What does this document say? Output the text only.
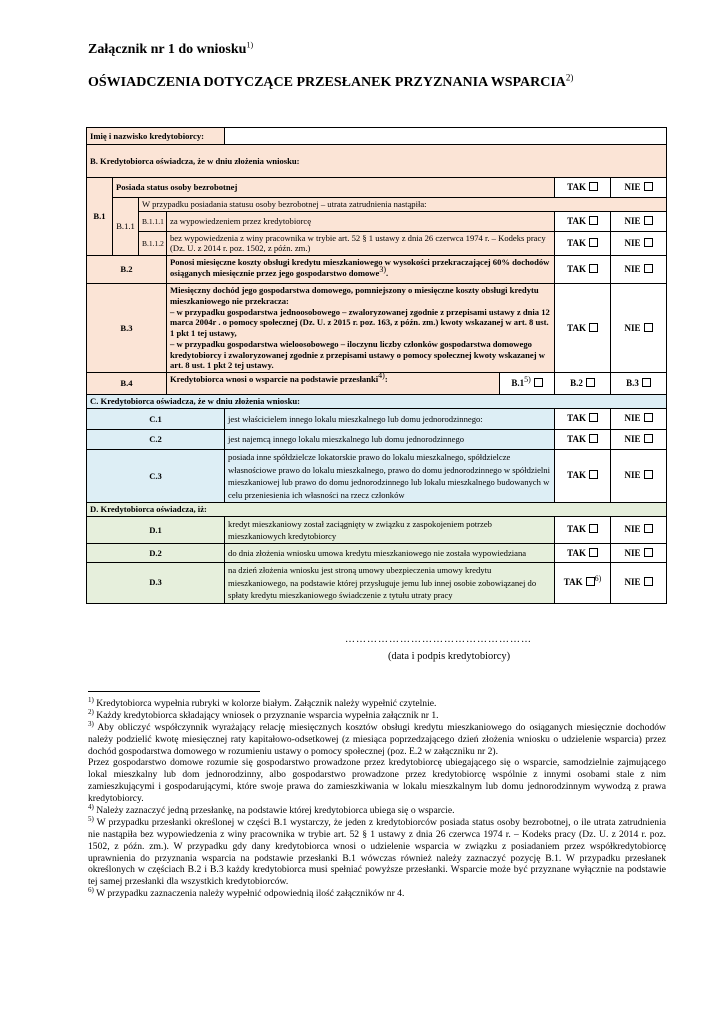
Załącznik nr 1 do wniosku$^{1)}$
OŚWIADCZENIA DOTYCZĄCE PRZESŁANEK PRZYZNANIA WSPARCIA$^{2)}$
Imię i nazwisko kredytobiorcy:							
B. Kredytobiorca oświadcza, że w dniu złożenia wniosku:							
B.1	Posiada status osoby bezrobotnej					TAK	NIE
	B.1.1	W przypadku posiadania statusu osoby bezrobotnej – utrata zatrudnienia nastąpiła:					
		B.1.1.1	za wypowiedzeniem przez kredytobiorcę			TAK	NIE
		B.1.1.2	bez wypowiedzenia z winy pracownika w trybie art. 52 § 1 ustawy z dnia 26 czerwca 1974 r. – Kodeks pracy (Dz. U. z 2014 r. poz. 1502, z późn. zm.)			TAK	NIE
B.2			Ponosi miesięczne koszty obsługi kredytu mieszkaniowego w wysokości przekraczającej 60% dochodów osiąganych miesięcznie przez jego gospodarstwo domowe$^{3)}$.			TAK	NIE
B.3			Miesięczny dochód jego gospodarstwa domowego, pomniejszony o miesięczne koszty obsługi kredytu mieszkaniowego nie przekracza:
– w przypadku gospodarstwa jednoosobowego – zwaloryzowanej zgodnie z przepisami ustawy z dnia 12 marca 2004r . o pomocy społecznej (Dz. U. z 2015 r. poz. 163, z późn. zm.) kwoty wskazanej w art. 8 ust. 1 pkt 1 tej ustawy,
– w przypadku gospodarstwa wieloosobowego – iloczynu liczby członków gospodarstwa domowego kredytobiorcy i zwaloryzowanej zgodnie z przepisami ustawy o pomocy społecznej kwoty wskazanej w art. 8 ust. 1 pkt 2 tej ustawy.			TAK	NIE
B.4			Kredytobiorca wnosi o wsparcie na podstawie przesłanki$^{4)}$:		B.1$^{5)}$	B.2	B.3
C. Kredytobiorca oświadcza, że w dniu złożenia wniosku:							
C.1				jest właścicielem innego lokalu mieszkalnego lub domu jednorodzinnego:		TAK	NIE
C.2				jest najemcą innego lokalu mieszkalnego lub domu jednorodzinnego		TAK	NIE
C.3				posiada inne spółdzielcze lokatorskie prawo do lokalu mieszkalnego, spółdzielcze własnościowe prawo do lokalu mieszkalnego, prawo do domu jednorodzinnego w spółdzielni mieszkaniowej lub prawo do domu jednorodzinnego lub lokalu mieszkalnego budowanych w celu przeniesienia ich własności na rzecz członków		TAK	NIE
D. Kredytobiorca oświadcza, iż:							
D.1				kredyt mieszkaniowy został zaciągnięty w związku z zaspokojeniem potrzeb mieszkaniowych kredytobiorcy		TAK	NIE
D.2				do dnia złożenia wniosku umowa kredytu mieszkaniowego nie została wypowiedziana		TAK	NIE
D.3				na dzień złożenia wniosku jest stroną umowy ubezpieczenia umowy kredytu mieszkaniowego, na podstawie której przysługuje jemu lub innej osobie zobowiązanej do spłaty kredytu mieszkaniowego świadczenie z tytułu utraty pracy		TAK $^{6)}$	NIE
……………………………………………
(data i podpis kredytobiorcy)

$^{1)}$ Kredytobiorca wypełnia rubryki w kolorze białym. Załącznik należy wypełnić czytelnie.

$^{2)}$ Każdy kredytobiorca składający wniosek o przyznanie wsparcia wypełnia załącznik nr 1.

$^{3)}$ Aby obliczyć współczynnik wyrażający relację miesięcznych kosztów obsługi kredytu mieszkaniowego do osiąganych miesięcznie dochodów należy podzielić kwotę miesięcznej raty kapitałowo-odsetkowej (z miesiąca poprzedzającego dzień złożenia wniosku o udzielenie wsparcia) przez dochód gospodarstwa domowego w rozumieniu ustawy o pomocy społecznej (poz. E.2 w załączniku nr 2).

Przez gospodarstwo domowe rozumie się gospodarstwo prowadzone przez kredytobiorcę ubiegającego się o wsparcie, samodzielnie zajmującego lokal mieszkalny lub dom jednorodzinny, albo gospodarstwo prowadzone przez kredytobiorcę wspólnie z innymi osobami stale z nim zamieszkującymi i gospodarującymi, które swoje prawa do zamieszkiwania w lokalu mieszkalnym lub domu jednorodzinnym wywodzą z prawa kredytobiorcy.

$^{4)}$ Należy zaznaczyć jedną przesłankę, na podstawie której kredytobiorca ubiega się o wsparcie.

$^{5)}$ W przypadku przesłanki określonej w części B.1 wystarczy, że jeden z kredytobiorców posiada status osoby bezrobotnej, o ile utrata zatrudnienia nie nastąpiła bez wypowiedzenia z winy pracownika w trybie art. 52 § 1 ustawy z dnia 26 czerwca 1974 r. – Kodeks pracy (Dz. U. z 2014 r. poz. 1502, z późn. zm.). W przypadku gdy dany kredytobiorca wnosi o udzielenie wsparcia w związku z posiadaniem przez współkredytobiorcę uprawnienia do przyznania wsparcia na podstawie przesłanki B.1 wówczas również należy zaznaczyć pozycję B.1. W przypadku przesłanek określonych w częściach B.2 i B.3 każdy kredytobiorca musi spełniać powyższe przesłanki. Wsparcie może być przyznane wyłącznie na podstawie tej samej przesłanki dla wszystkich kredytobiorców.

$^{6)}$ W przypadku zaznaczenia należy wypełnić odpowiednią ilość załączników nr 4.
